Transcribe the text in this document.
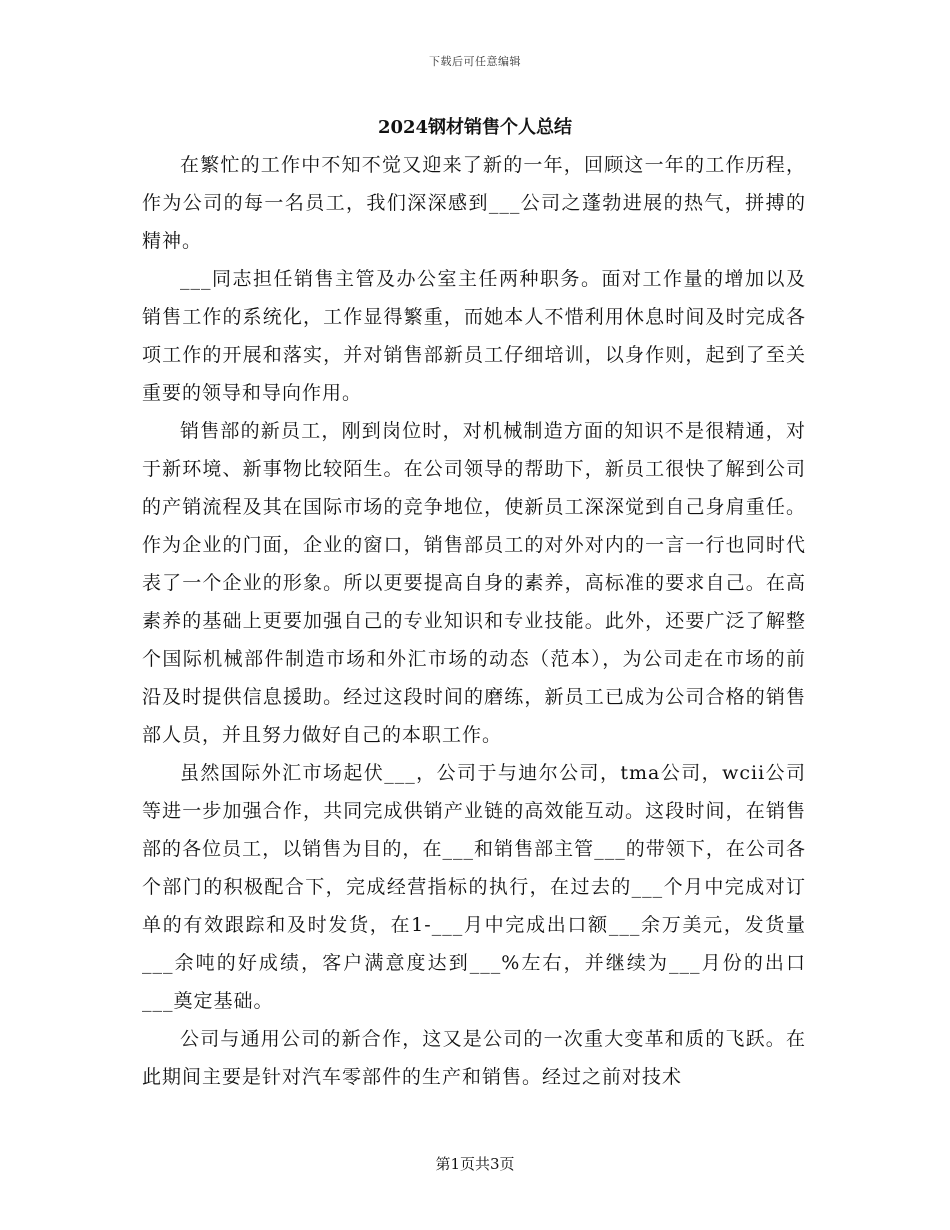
下载后可任意编辑
2024钢材销售个人总结

在繁忙的工作中不知不觉又迎来了新的一年，回顾这一年的工作历程，作为公司的每一名员工，我们深深感到___公司之蓬勃进展的热气，拼搏的精神。

___同志担任销售主管及办公室主任两种职务。面对工作量的增加以及销售工作的系统化，工作显得繁重，而她本人不惜利用休息时间及时完成各项工作的开展和落实，并对销售部新员工仔细培训，以身作则，起到了至关重要的领导和导向作用。

销售部的新员工，刚到岗位时，对机械制造方面的知识不是很精通，对于新环境、新事物比较陌生。在公司领导的帮助下，新员工很快了解到公司的产销流程及其在国际市场的竞争地位，使新员工深深觉到自己身肩重任。作为企业的门面，企业的窗口，销售部员工的对外对内的一言一行也同时代表了一个企业的形象。所以更要提高自身的素养，高标准的要求自己。在高素养的基础上更要加强自己的专业知识和专业技能。此外，还要广泛了解整个国际机械部件制造市场和外汇市场的动态（范本），为公司走在市场的前沿及时提供信息援助。经过这段时间的磨练，新员工已成为公司合格的销售部人员，并且努力做好自己的本职工作。

虽然国际外汇市场起伏___，公司于与迪尔公司，tma公司，wcii公司等进一步加强合作，共同完成供销产业链的高效能互动。这段时间，在销售部的各位员工，以销售为目的，在___和销售部主管___的带领下，在公司各个部门的积极配合下，完成经营指标的执行，在过去的___个月中完成对订单的有效跟踪和及时发货，在1-___月中完成出口额___余万美元，发货量___余吨的好成绩，客户满意度达到___%左右，并继续为___月份的出口___奠定基础。

公司与通用公司的新合作，这又是公司的一次重大变革和质的飞跃。在此期间主要是针对汽车零部件的生产和销售。经过之前对技术

第1页共3页
